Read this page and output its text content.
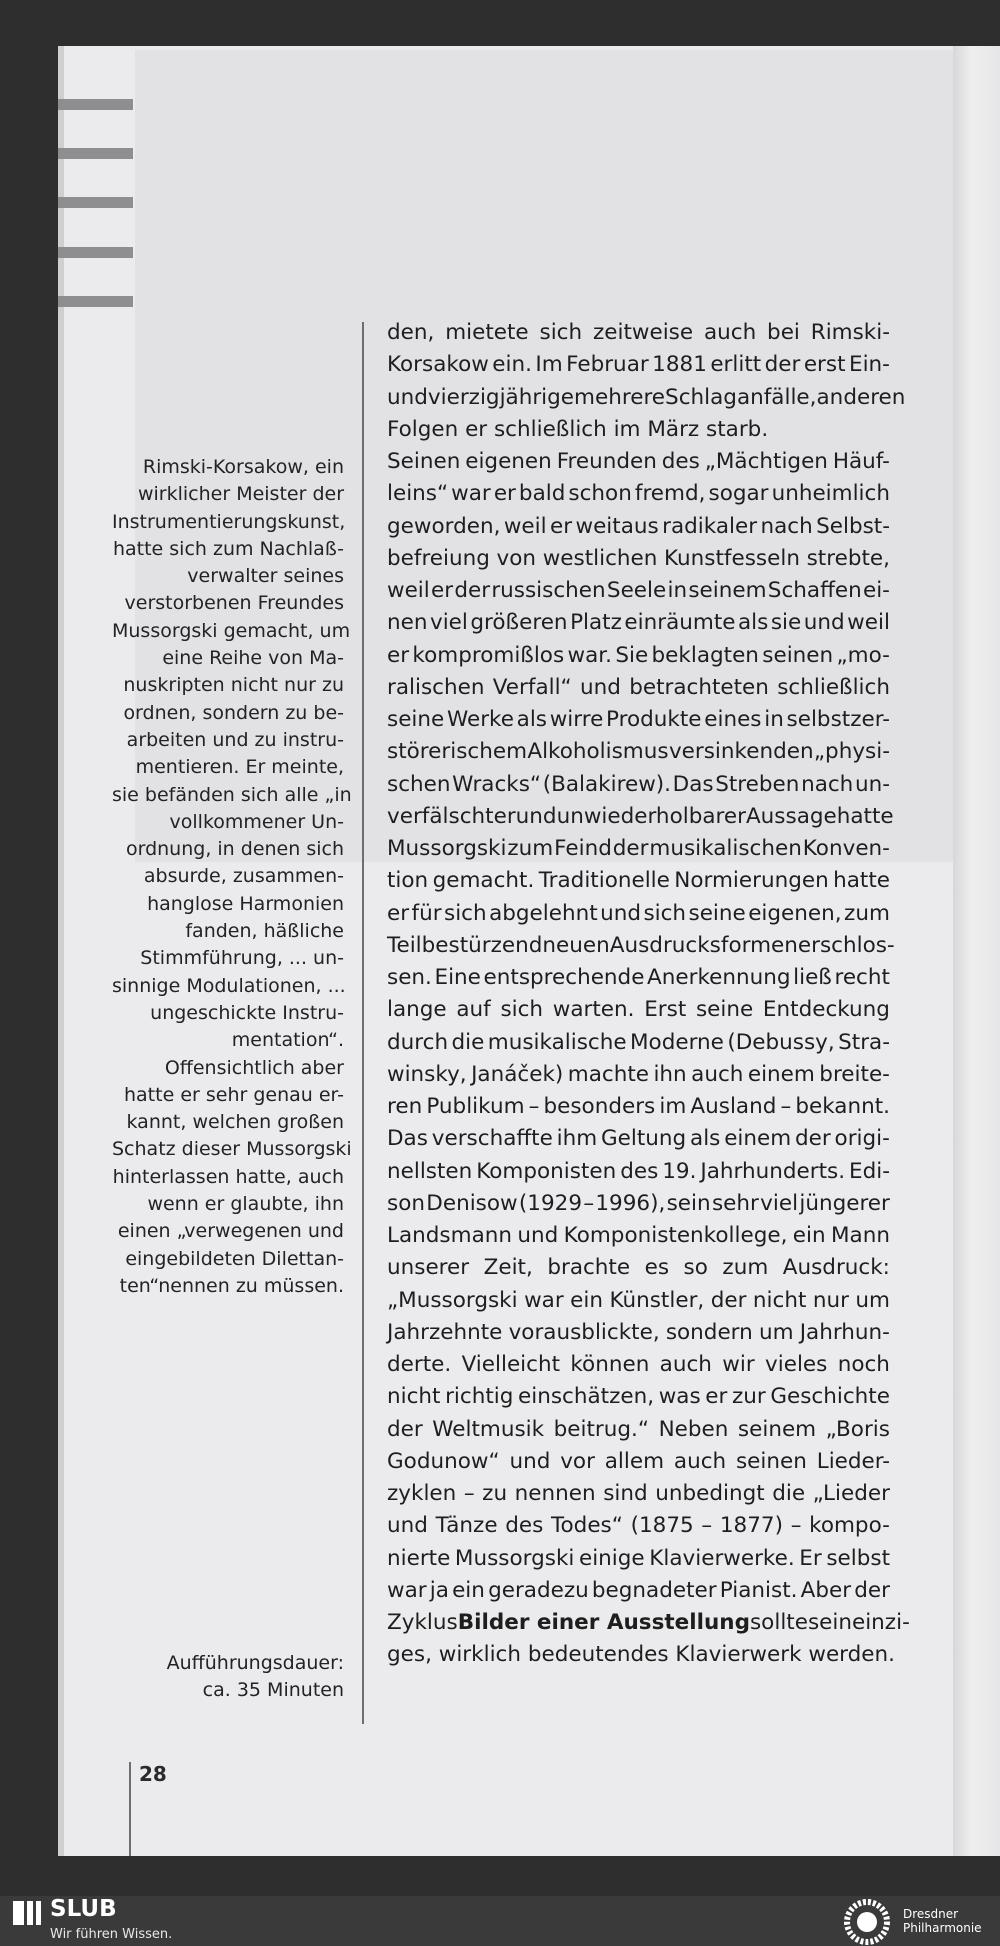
Rimski-Korsakow, ein
wirklicher Meister der
Instrumentierungskunst,
hatte sich zum Nachlaß-
verwalter seines
verstorbenen Freundes
Mussorgski gemacht, um
eine Reihe von Ma-
nuskripten nicht nur zu
ordnen, sondern zu be-
arbeiten und zu instru-
mentieren. Er meinte,
sie befänden sich alle „in
vollkommener Un-
ordnung, in denen sich
absurde, zusammen-
hanglose Harmonien
fanden, häßliche
Stimmführung, ... un-
sinnige Modulationen, ...
ungeschickte Instru-
mentation“.
Offensichtlich aber
hatte er sehr genau er-
kannt, welchen großen
Schatz dieser Mussorgski
hinterlassen hatte, auch
wenn er glaubte, ihn
einen „verwegenen und
eingebildeten Dilettan-
ten“nennen zu müssen.

Aufführungsdauer:
ca. 35 Minuten

den, mietete sich zeitweise auch bei Rimski-
Korsakow ein. Im Februar 1881 erlitt der erst Ein-
undvierzigjährige mehrere Schlaganfälle, an deren
Folgen er schließlich im März starb.
Seinen eigenen Freunden des „Mächtigen Häuf-
leins“ war er bald schon fremd, sogar unheimlich
geworden, weil er weitaus radikaler nach Selbst-
befreiung von westlichen Kunstfesseln strebte,
weil er der russischen Seele in seinem Schaffen ei-
nen viel größeren Platz einräumte als sie und weil
er kompromißlos war. Sie beklagten seinen „mo-
ralischen Verfall“ und betrachteten schließlich
seine Werke als wirre Produkte eines in selbstzer-
störerischem Alkoholismus versinkenden „physi-
schen Wracks“ (Balakirew). Das Streben nach un-
verfälschter und unwiederholbarer Aussage hatte
Mussorgski zum Feind der musikalischen Konven-
tion gemacht. Traditionelle Normierungen hatte
er für sich abgelehnt und sich seine eigenen, zum
Teil bestürzend neuen Ausdrucksformen erschlos-
sen. Eine entsprechende Anerkennung ließ recht
lange auf sich warten. Erst seine Entdeckung
durch die musikalische Moderne (Debussy, Stra-
winsky, Janáček) machte ihn auch einem breite-
ren Publikum – besonders im Ausland – bekannt.
Das verschaffte ihm Geltung als einem der origi-
nellsten Komponisten des 19. Jahrhunderts. Edi-
son Denisow (1929 – 1996), sein sehr viel jüngerer
Landsmann und Komponistenkollege, ein Mann
unserer Zeit, brachte es so zum Ausdruck:
„Mussorgski war ein Künstler, der nicht nur um
Jahrzehnte vorausblickte, sondern um Jahrhun-
derte. Vielleicht können auch wir vieles noch
nicht richtig einschätzen, was er zur Geschichte
der Weltmusik beitrug.“ Neben seinem „Boris
Godunow“ und vor allem auch seinen Lieder-
zyklen – zu nennen sind unbedingt die „Lieder
und Tänze des Todes“ (1875 – 1877) – kompo-
nierte Mussorgski einige Klavierwerke. Er selbst
war ja ein geradezu begnadeter Pianist. Aber der
Zyklus Bilder einer Ausstellung sollte sein einzi-
ges, wirklich bedeutendes Klavierwerk werden.
28
SLUB
Wir führen Wissen.
Dresdner
Philharmonie
